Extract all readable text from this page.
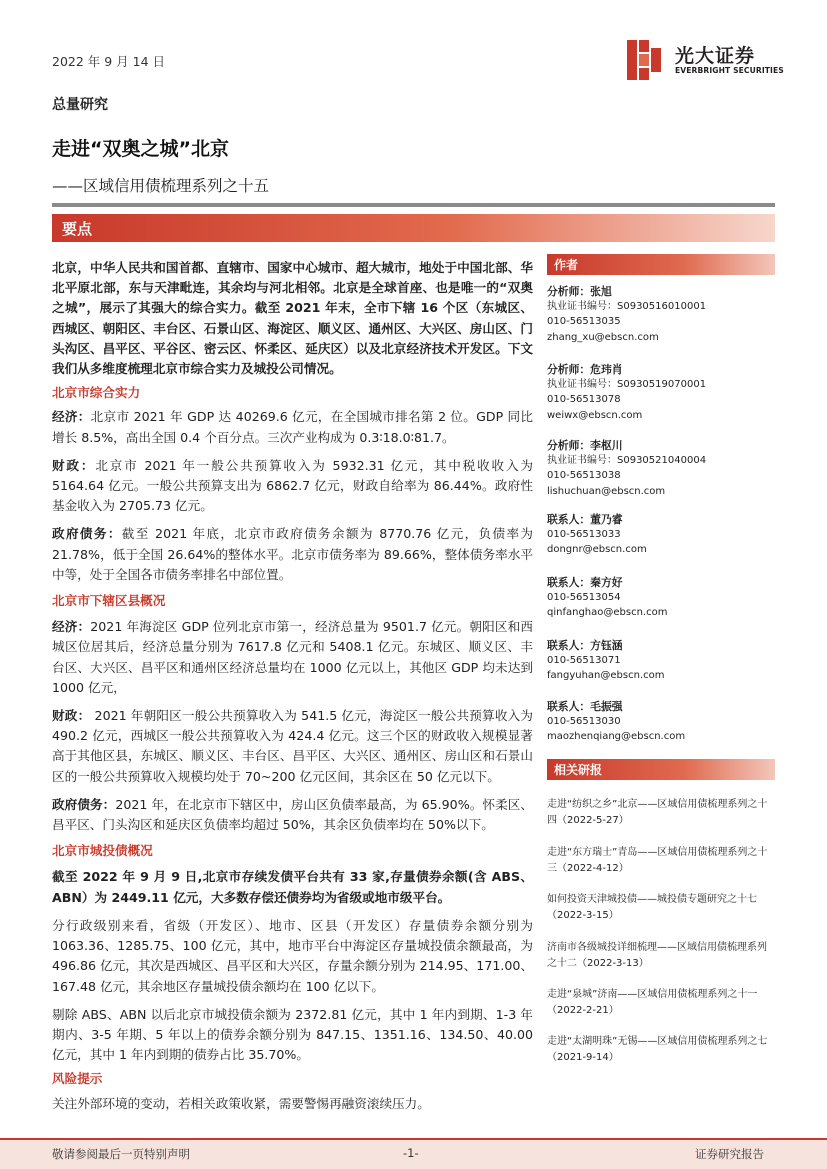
2022 年 9 月 14 日	光大证券
EVERBRIGHT SECURITIES
总量研究
走进“双奥之城”北京
——区域信用债梳理系列之十五
要点

北京，中华人民共和国首都、直辖市、国家中心城市、超大城市，地处于中国北部、华北平原北部，东与天津毗连，其余均与河北相邻。北京是全球首座、也是唯一的“双奥之城”，展示了其强大的综合实力。截至 2021 年末，全市下辖 16 个区（东城区、西城区、朝阳区、丰台区、石景山区、海淀区、顺义区、通州区、大兴区、房山区、门头沟区、昌平区、平谷区、密云区、怀柔区、延庆区）以及北京经济技术开发区。下文我们从多维度梳理北京市综合实力及城投公司情况。

北京市综合实力

经济：北京市 2021 年 GDP 达 40269.6 亿元，在全国城市排名第 2 位。GDP 同比增长 8.5%，高出全国 0.4 个百分点。三次产业构成为 0.3∶18.0∶81.7。

财政：北京市 2021 年一般公共预算收入为 5932.31 亿元，其中税收收入为 5164.64 亿元。一般公共预算支出为 6862.7 亿元，财政自给率为 86.44%。政府性基金收入为 2705.73 亿元。

政府债务：截至 2021 年底，北京市政府债务余额为 8770.76 亿元，负债率为 21.78%，低于全国 26.64%的整体水平。北京市债务率为 89.66%，整体债务率水平中等，处于全国各市债务率排名中部位置。

北京市下辖区县概况

经济：2021 年海淀区 GDP 位列北京市第一，经济总量为 9501.7 亿元。朝阳区和西城区位居其后，经济总量分别为 7617.8 亿元和 5408.1 亿元。东城区、顺义区、丰台区、大兴区、昌平区和通州区经济总量均在 1000 亿元以上，其他区 GDP 均未达到 1000 亿元，

财政： 2021 年朝阳区一般公共预算收入为 541.5 亿元，海淀区一般公共预算收入为 490.2 亿元，西城区一般公共预算收入为 424.4 亿元。这三个区的财政收入规模显著高于其他区县，东城区、顺义区、丰台区、昌平区、大兴区、通州区、房山区和石景山区的一般公共预算收入规模均处于 70~200 亿元区间，其余区在 50 亿元以下。

政府债务：2021 年，在北京市下辖区中，房山区负债率最高，为 65.90%。怀柔区、昌平区、门头沟区和延庆区负债率均超过 50%，其余区负债率均在 50%以下。

北京市城投债概况

截至 2022 年 9 月 9 日,北京市存续发债平台共有 33 家,存量债券余额(含 ABS、ABN）为 2449.11 亿元，大多数存偿还债券均为省级或地市级平台。

分行政级别来看，省级（开发区）、地市、区县（开发区）存量债券余额分别为 1063.36、1285.75、100 亿元，其中，地市平台中海淀区存量城投债余额最高，为 496.86 亿元，其次是西城区、昌平区和大兴区，存量余额分别为 214.95、171.00、167.48 亿元，其余地区存量城投债余额均在 100 亿以下。

剔除 ABS、ABN 以后北京市城投债余额为 2372.81 亿元，其中 1 年内到期、1-3 年期内、3-5 年期、5 年以上的债券余额分别为 847.15、1351.16、134.50、40.00 亿元，其中 1 年内到期的债券占比 35.70%。

风险提示

关注外部环境的变动，若相关政策收紧，需要警惕再融资滚续压力。

作者
分析师：张旭
执业证书编号：S0930516010001
010-56513035
zhang_xu@ebscn.com
分析师：危玮肖
执业证书编号：S0930519070001
010-56513078
weiwx@ebscn.com
分析师：李枢川
执业证书编号：S0930521040004
010-56513038
lishuchuan@ebscn.com
联系人：董乃睿
010-56513033
dongnr@ebscn.com
联系人：秦方好
010-56513054
qinfanghao@ebscn.com
联系人：方钰涵
010-56513071
fangyuhan@ebscn.com
联系人：毛振强
010-56513030
maozhenqiang@ebscn.com
相关研报
走进“纺织之乡”北京——区域信用债梳理系列之十四（2022-5-27）
走进“东方瑞士”青岛——区域信用债梳理系列之十三（2022-4-12）
如何投资天津城投债——城投债专题研究之十七（2022-3-15）
济南市各级城投详细梳理——区域信用债梳理系列之十二（2022-3-13）
走进“泉城”济南——区域信用债梳理系列之十一（2022-2-21）
走进“太湖明珠”无锡——区域信用债梳理系列之七（2021-9-14）
敬请参阅最后一页特别声明	-1-	证券研究报告
